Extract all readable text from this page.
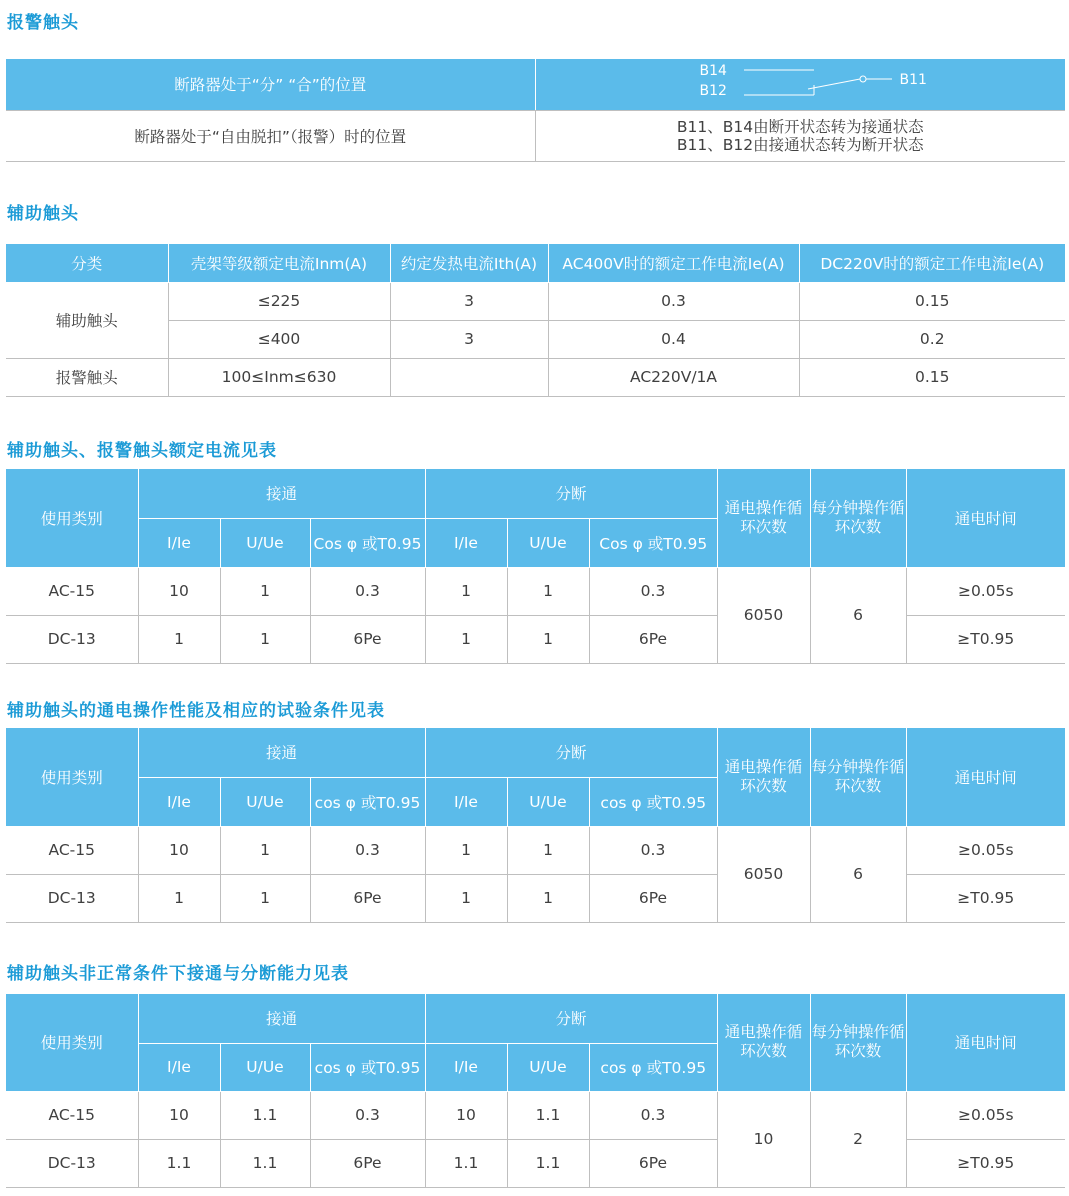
报警触头
断路器处于“分” “合”的位置	B14
B12
B11

断路器处于“自由脱扣”（报警）时的位置	B11、B14由断开状态转为接通状态
B11、B12由接通状态转为断开状态
辅助触头
分类	壳架等级额定电流Inm(A)	约定发热电流Ith(A)	AC400V时的额定工作电流Ie(A)	DC220V时的额定工作电流Ie(A)
辅助触头	≤225	3	0.3	0.15
	≤400	3	0.4	0.2
报警触头	100≤Inm≤630		AC220V/1A	0.15
辅助触头、报警触头额定电流见表
使用类别	接通			分断			通电操作循环次数	每分钟操作循环次数	通电时间
	I/Ie	U/Ue	Cos φ 或T0.95	I/Ie	U/Ue	Cos φ 或T0.95			
AC-15	10	1	0.3	1	1	0.3	6050	6	≥0.05s
DC-13	1	1	6Pe	1	1	6Pe			≥T0.95
辅助触头的通电操作性能及相应的试验条件见表
使用类别	接通			分断			通电操作循环次数	每分钟操作循环次数	通电时间
	I/Ie	U/Ue	cos φ 或T0.95	I/Ie	U/Ue	cos φ 或T0.95			
AC-15	10	1	0.3	1	1	0.3	6050	6	≥0.05s
DC-13	1	1	6Pe	1	1	6Pe			≥T0.95
辅助触头非正常条件下接通与分断能力见表
使用类别	接通			分断			通电操作循环次数	每分钟操作循环次数	通电时间
	I/Ie	U/Ue	cos φ 或T0.95	I/Ie	U/Ue	cos φ 或T0.95			
AC-15	10	1.1	0.3	10	1.1	0.3	10	2	≥0.05s
DC-13	1.1	1.1	6Pe	1.1	1.1	6Pe			≥T0.95
